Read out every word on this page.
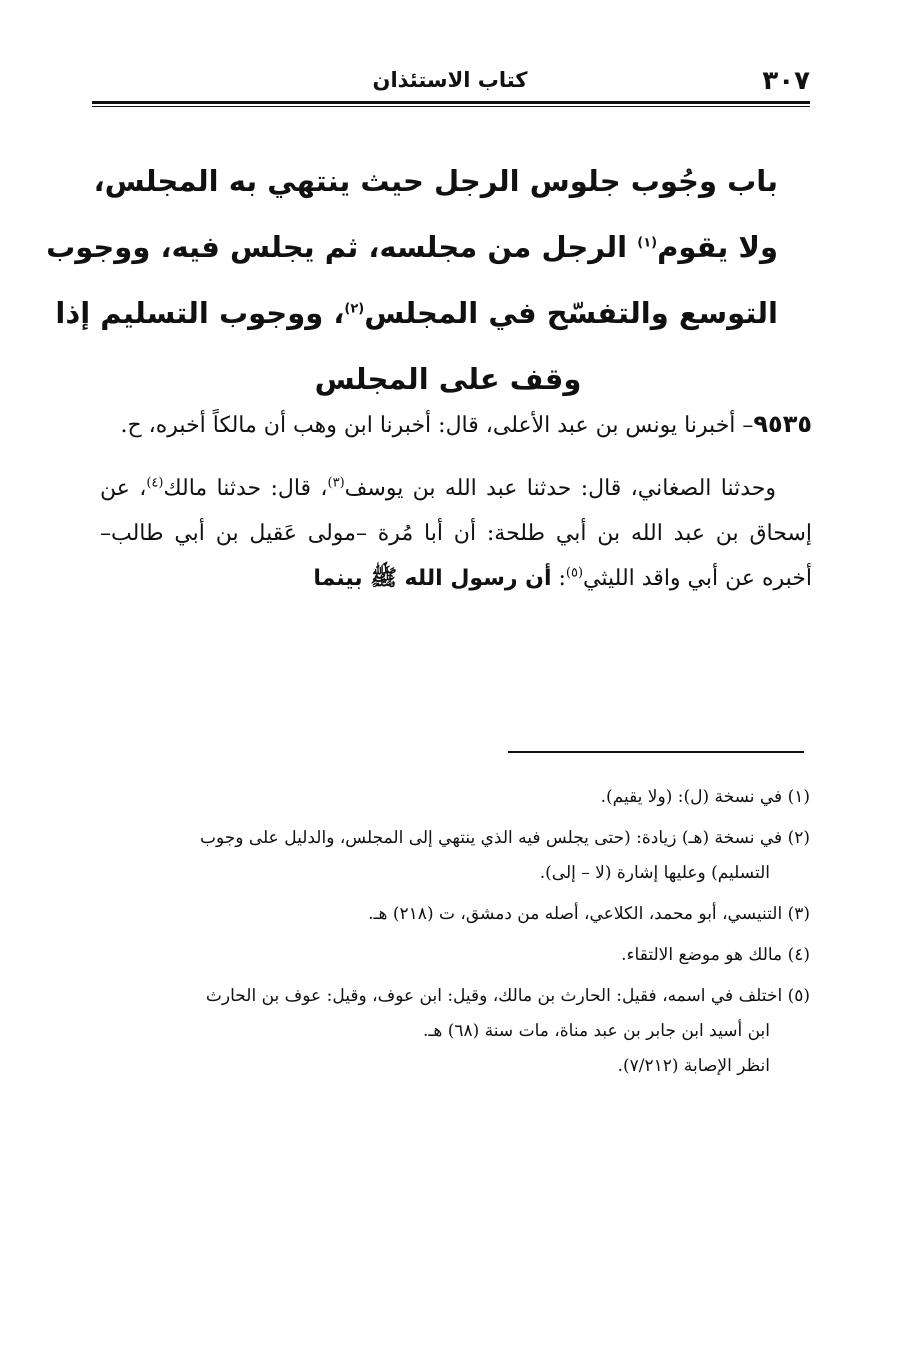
٣٠٧
كتاب الاستئذان
باب وجُوب جلوس الرجل حيث ينتهي به المجلس،
ولا يقوم$^{(١)}$ الرجل من مجلسه، ثم يجلس فيه، ووجوب
التوسع والتفسّح في المجلس$^{(٢)}$، ووجوب التسليم إذا
وقف على المجلس

٩٥٣٥– أخبرنا يونس بن عبد الأعلى، قال: أخبرنا ابن وهب أن مالكاً أخبره، ح.

وحدثنا الصغاني، قال: حدثنا عبد الله بن يوسف$^{(٣)}$، قال: حدثنا مالك$^{(٤)}$، عن إسحاق بن عبد الله بن أبي طلحة: أن أبا مُرة –مولى عَقيل بن أبي طالب– أخبره عن أبي واقد الليثي$^{(٥)}$: أن رسول الله ﷺ بينما

(١) في نسخة (ل): (ولا يقيم).

(٢) في نسخة (هـ) زيادة: (حتى يجلس فيه الذي ينتهي إلى المجلس، والدليل على وجوب
التسليم) وعليها إشارة (لا – إلى).

(٣) التنيسي، أبو محمد، الكلاعي، أصله من دمشق، ت (٢١٨) هـ.

(٤) مالك هو موضع الالتقاء.

(٥) اختلف في اسمه، فقيل: الحارث بن مالك، وقيل: ابن عوف، وقيل: عوف بن الحارث
ابن أسيد ابن جابر بن عبد مناة، مات سنة (٦٨) هـ.
انظر الإصابة (٧/٢١٢).
